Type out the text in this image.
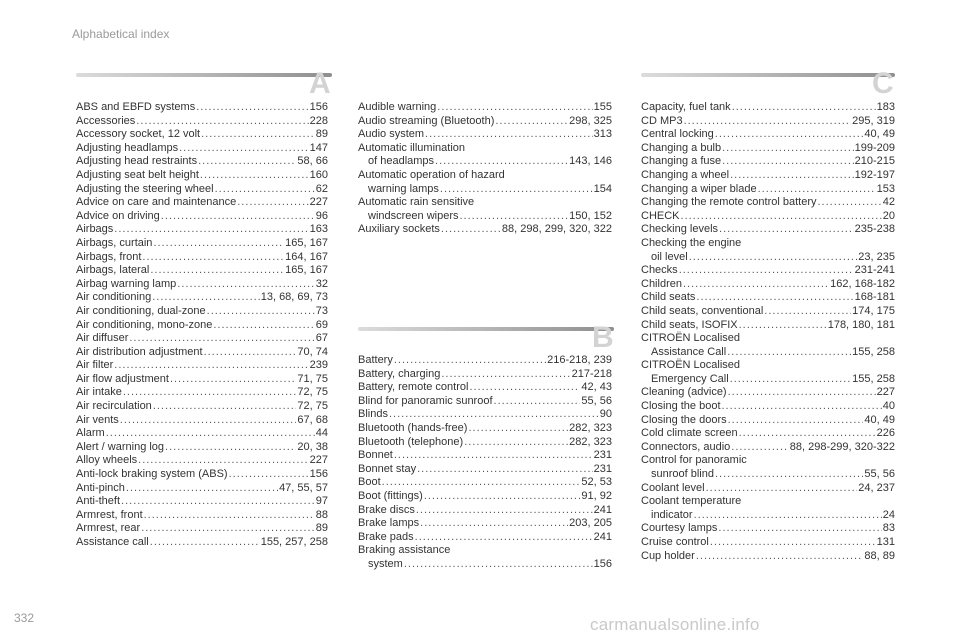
Alphabetical index
A
B
C
ABS and EBFD systems .....	156
Accessories .....	228
Accessory socket, 12 volt .....	89
Adjusting headlamps .....	147
Adjusting head restraints .....	58, 66
Adjusting seat belt height .....	160
Adjusting the steering wheel .....	62
Advice on care and maintenance .....	227
Advice on driving .....	96
Airbags .....	163
Airbags, curtain .....	165, 167
Airbags, front .....	164, 167
Airbags, lateral .....	165, 167
Airbag warning lamp .....	32
Air conditioning .....	13, 68, 69, 73
Air conditioning, dual-zone .....	73
Air conditioning, mono-zone .....	69
Air diffuser .....	67
Air distribution adjustment .....	70, 74
Air filter .....	239
Air flow adjustment .....	71, 75
Air intake .....	72, 75
Air recirculation .....	72, 75
Air vents .....	67, 68
Alarm .....	44
Alert / warning log .....	20, 38
Alloy wheels .....	227
Anti-lock braking system (ABS) .....	156
Anti-pinch .....	47, 55, 57
Anti-theft .....	97
Armrest, front .....	88
Armrest, rear .....	89
Assistance call .....	155, 257, 258
Audible warning .....	155
Audio streaming (Bluetooth) .....	298, 325
Audio system .....	313
Automatic illumination
of headlamps .....	143, 146
Automatic operation of hazard
warning lamps .....	154
Automatic rain sensitive
windscreen wipers .....	150, 152
Auxiliary sockets .....	88, 298, 299, 320, 322
Battery .....	216-218, 239
Battery, charging .....	217-218
Battery, remote control .....	42, 43
Blind for panoramic sunroof .....	55, 56
Blinds .....	90
Bluetooth (hands-free) .....	282, 323
Bluetooth (telephone) .....	282, 323
Bonnet .....	231
Bonnet stay .....	231
Boot .....	52, 53
Boot (fittings) .....	91, 92
Brake discs .....	241
Brake lamps .....	203, 205
Brake pads .....	241
Braking assistance
system .....	156
Capacity, fuel tank .....	183
CD MP3 .....	295, 319
Central locking .....	40, 49
Changing a bulb .....	199-209
Changing a fuse .....	210-215
Changing a wheel .....	192-197
Changing a wiper blade .....	153
Changing the remote control battery .....	42
CHECK .....	20
Checking levels .....	235-238
Checking the engine
oil level .....	23, 235
Checks .....	231-241
Children .....	162, 168-182
Child seats .....	168-181
Child seats, conventional .....	174, 175
Child seats, ISOFIX .....	178, 180, 181
CITROËN Localised
Assistance Call .....	155, 258
CITROËN Localised
Emergency Call .....	155, 258
Cleaning (advice) .....	227
Closing the boot .....	40
Closing the doors .....	40, 49
Cold climate screen .....	226
Connectors, audio .....	88, 298-299, 320-322
Control for panoramic
sunroof blind .....	55, 56
Coolant level .....	24, 237
Coolant temperature
indicator .....	24
Courtesy lamps .....	83
Cruise control .....	131
Cup holder .....	88, 89
332	carmanualsonline.info
